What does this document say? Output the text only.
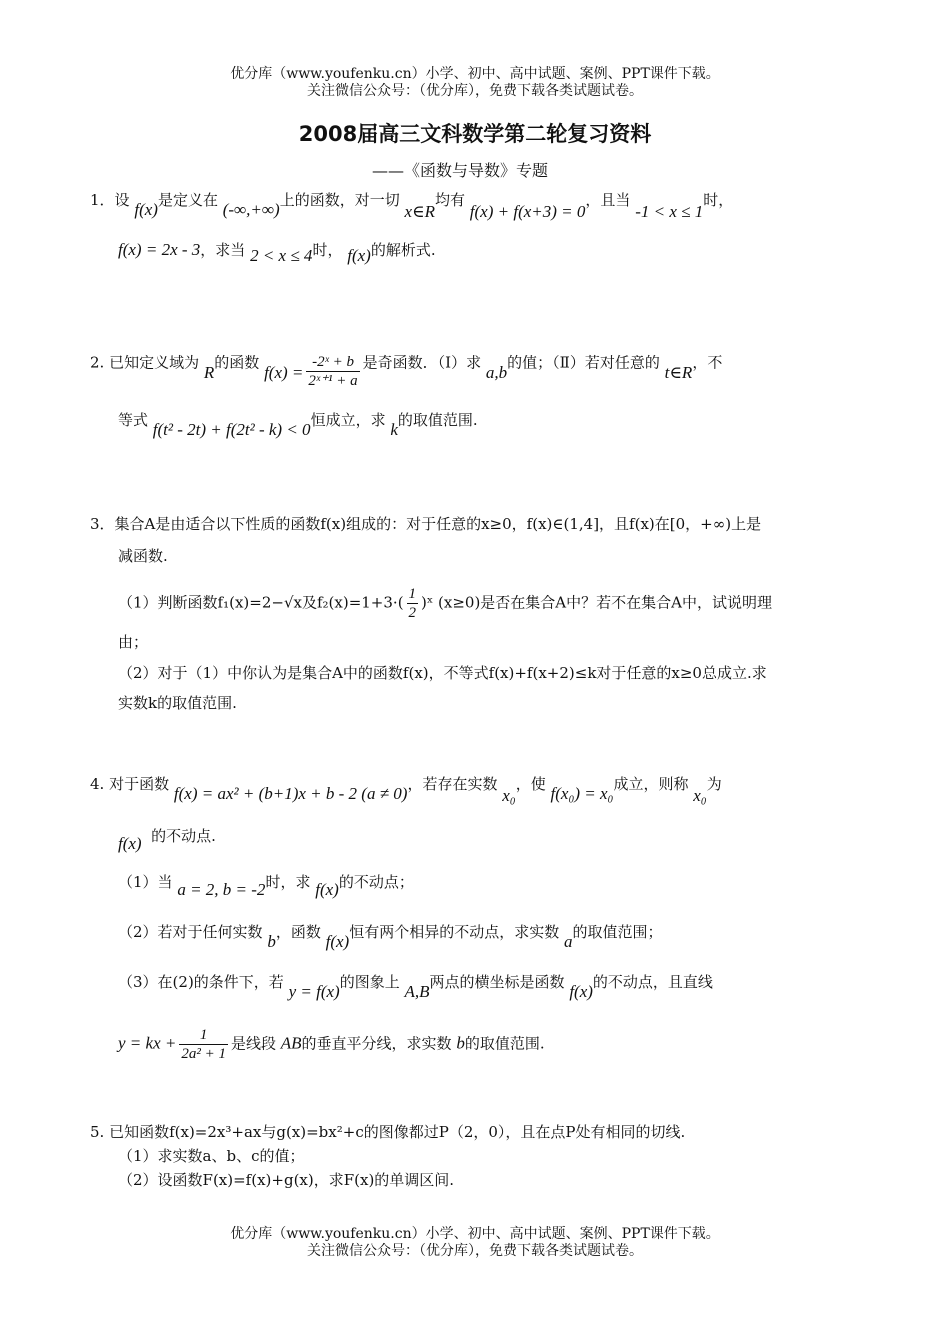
优分库（www.youfenku.cn）小学、初中、高中试题、案例、PPT课件下载。
关注微信公众号：（优分库），免费下载各类试题试卷。
2008届高三文科数学第二轮复习资料
——《函数与导数》专题
1．设 f(x)是定义在 (-∞,+∞)上的函数，对一切 x∈R均有 f(x) + f(x+3) = 0，且当 -1 < x ≤ 1时，
f(x) = 2x - 3，求当 2 < x ≤ 4时， f(x)的解析式.
2. 已知定义域为 R的函数 $f(x) = \frac{\text{-2ˣ + b}}{\text{2ˣ⁺¹ + a}}$ 是奇函数．（Ⅰ）求 a,b的值；（Ⅱ）若对任意的 t∈R，不
等式 f(t² - 2t) + f(2t² - k) < 0恒成立，求 k的取值范围.
3．集合A是由适合以下性质的函数f(x)组成的：对于任意的x≥0，f(x)∈(1,4]，且f(x)在[0，+∞)上是
减函数.
（1）判断函数f₁(x)=2−√x及$f_2(x)=1+3\cdot( \frac{1}{2}$ )ˣ (x≥0)是否在集合A中？若不在集合A中，试说明理
由；
（2）对于（1）中你认为是集合A中的函数f(x)，不等式f(x)+f(x+2)≤k对于任意的x≥0总成立.求
实数k的取值范围.
4. 对于函数 f(x) = ax² + (b+1)x + b - 2 (a ≠ 0)，若存在实数 x₀，使 f(x₀) = x₀成立，则称 x₀为
f(x) 的不动点.
（1）当 a = 2, b = -2时，求 f(x)的不动点；
（2）若对于任何实数 b，函数 f(x)恒有两个相异的不动点，求实数 a的取值范围；
（3）在(2)的条件下，若 y = f(x)的图象上 A,B两点的横坐标是函数 f(x)的不动点，且直线
y = kx + $\frac{1}{\text{2a² + 1}}$ 是线段 AB的垂直平分线，求实数 b的取值范围.
5. 已知函数f(x)=2x³+ax与g(x)=bx²+c的图像都过P（2，0），且在点P处有相同的切线.
（1）求实数a、b、c的值；
（2）设函数F(x)=f(x)+g(x)，求F(x)的单调区间.
优分库（www.youfenku.cn）小学、初中、高中试题、案例、PPT课件下载。
关注微信公众号：（优分库），免费下载各类试题试卷。
